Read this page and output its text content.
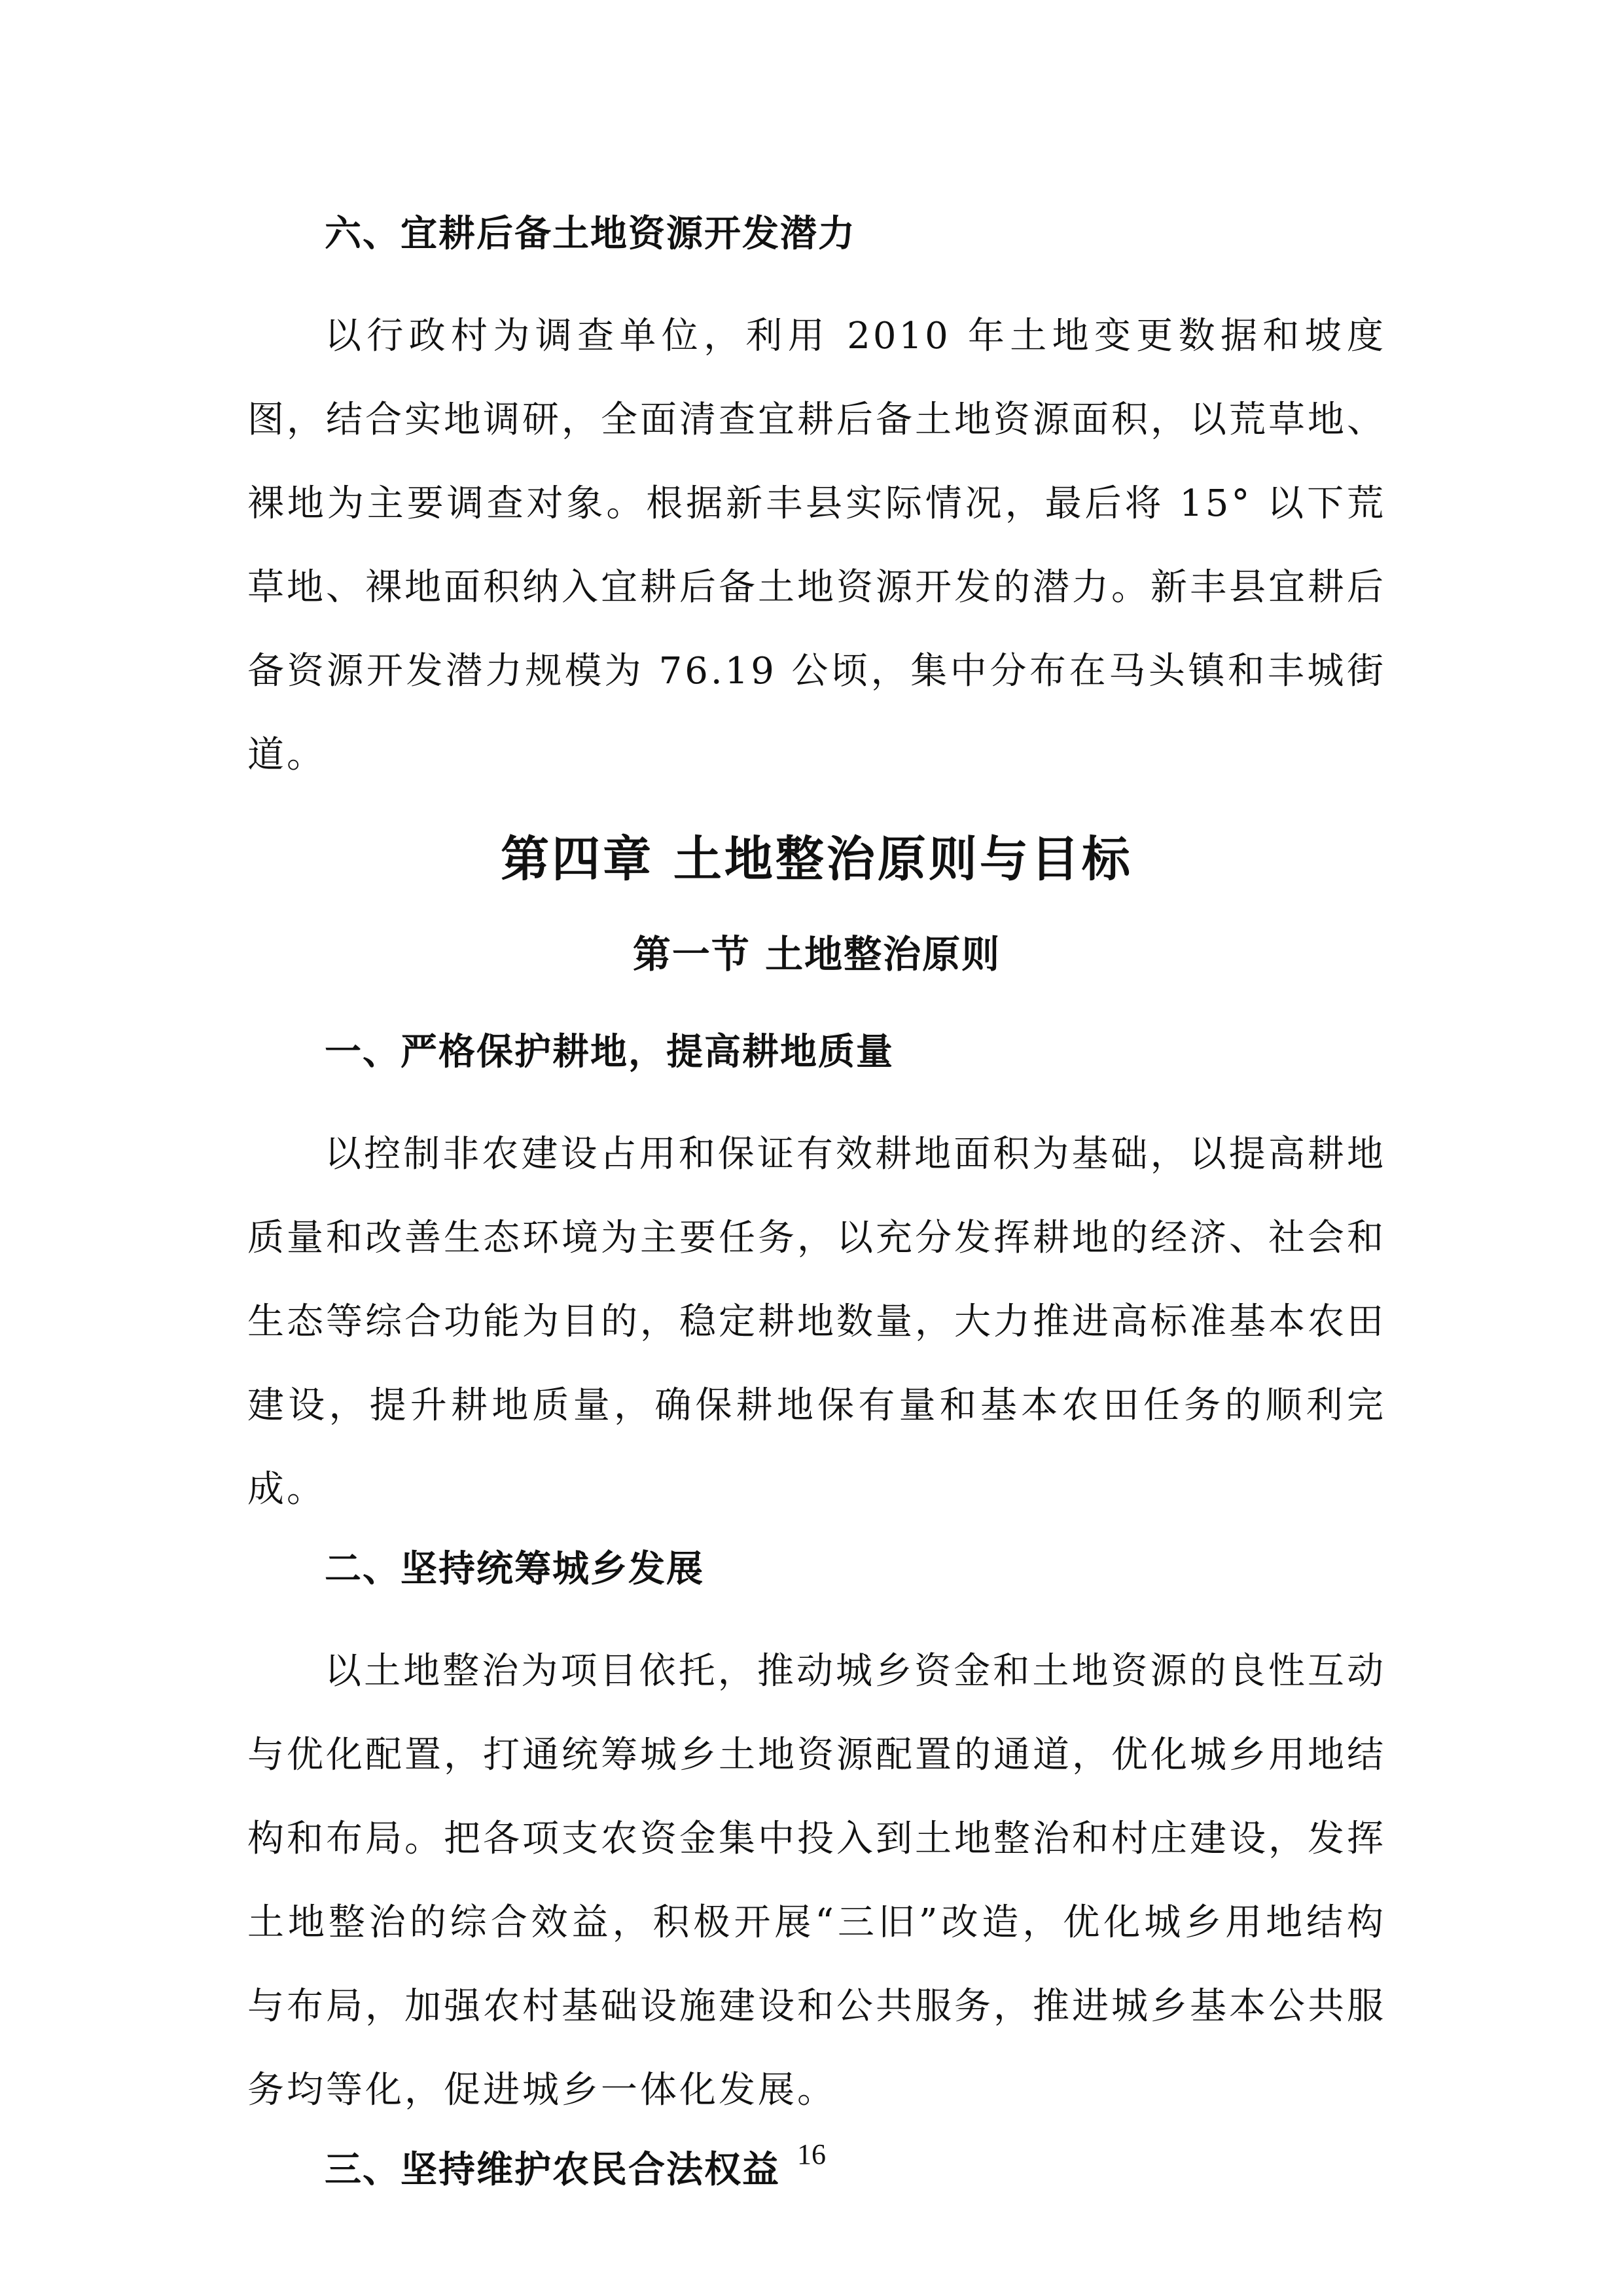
六、宜耕后备土地资源开发潜力

以行政村为调查单位，利用 2010 年土地变更数据和坡度图，结合实地调研，全面清查宜耕后备土地资源面积，以荒草地、裸地为主要调查对象。根据新丰县实际情况，最后将 15° 以下荒草地、裸地面积纳入宜耕后备土地资源开发的潜力。新丰县宜耕后备资源开发潜力规模为 76.19 公顷，集中分布在马头镇和丰城街道。

第四章 土地整治原则与目标
第一节 土地整治原则
一、严格保护耕地，提高耕地质量

以控制非农建设占用和保证有效耕地面积为基础，以提高耕地质量和改善生态环境为主要任务，以充分发挥耕地的经济、社会和生态等综合功能为目的，稳定耕地数量，大力推进高标准基本农田建设，提升耕地质量，确保耕地保有量和基本农田任务的顺利完成。

二、坚持统筹城乡发展

以土地整治为项目依托，推动城乡资金和土地资源的良性互动与优化配置，打通统筹城乡土地资源配置的通道，优化城乡用地结构和布局。把各项支农资金集中投入到土地整治和村庄建设，发挥土地整治的综合效益，积极开展“三旧”改造，优化城乡用地结构与布局，加强农村基础设施建设和公共服务，推进城乡基本公共服务均等化，促进城乡一体化发展。

三、坚持维护农民合法权益 16
